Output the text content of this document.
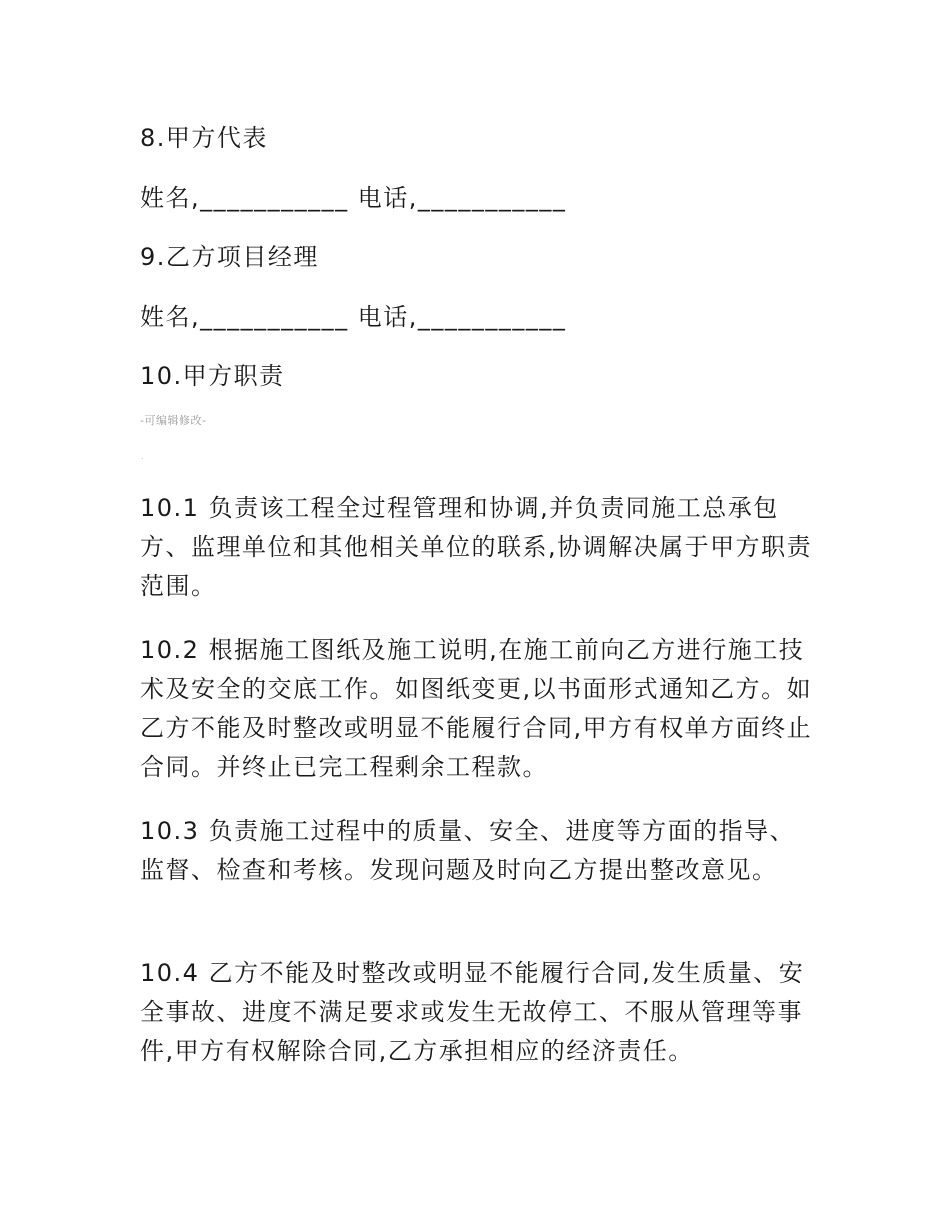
8.甲方代表
姓名,___________ 电话,___________
9.乙方项目经理
姓名,___________ 电话,___________
10.甲方职责
-可编辑修改-
.

10.1 负责该工程全过程管理和协调,并负责同施工总承包方、监理单位和其他相关单位的联系,协调解决属于甲方职责范围。

10.2 根据施工图纸及施工说明,在施工前向乙方进行施工技术及安全的交底工作。如图纸变更,以书面形式通知乙方。如乙方不能及时整改或明显不能履行合同,甲方有权单方面终止合同。并终止已完工程剩余工程款。

10.3 负责施工过程中的质量、安全、进度等方面的指导、监督、检查和考核。发现问题及时向乙方提出整改意见。

10.4 乙方不能及时整改或明显不能履行合同,发生质量、安全事故、进度不满足要求或发生无故停工、不服从管理等事件,甲方有权解除合同,乙方承担相应的经济责任。
